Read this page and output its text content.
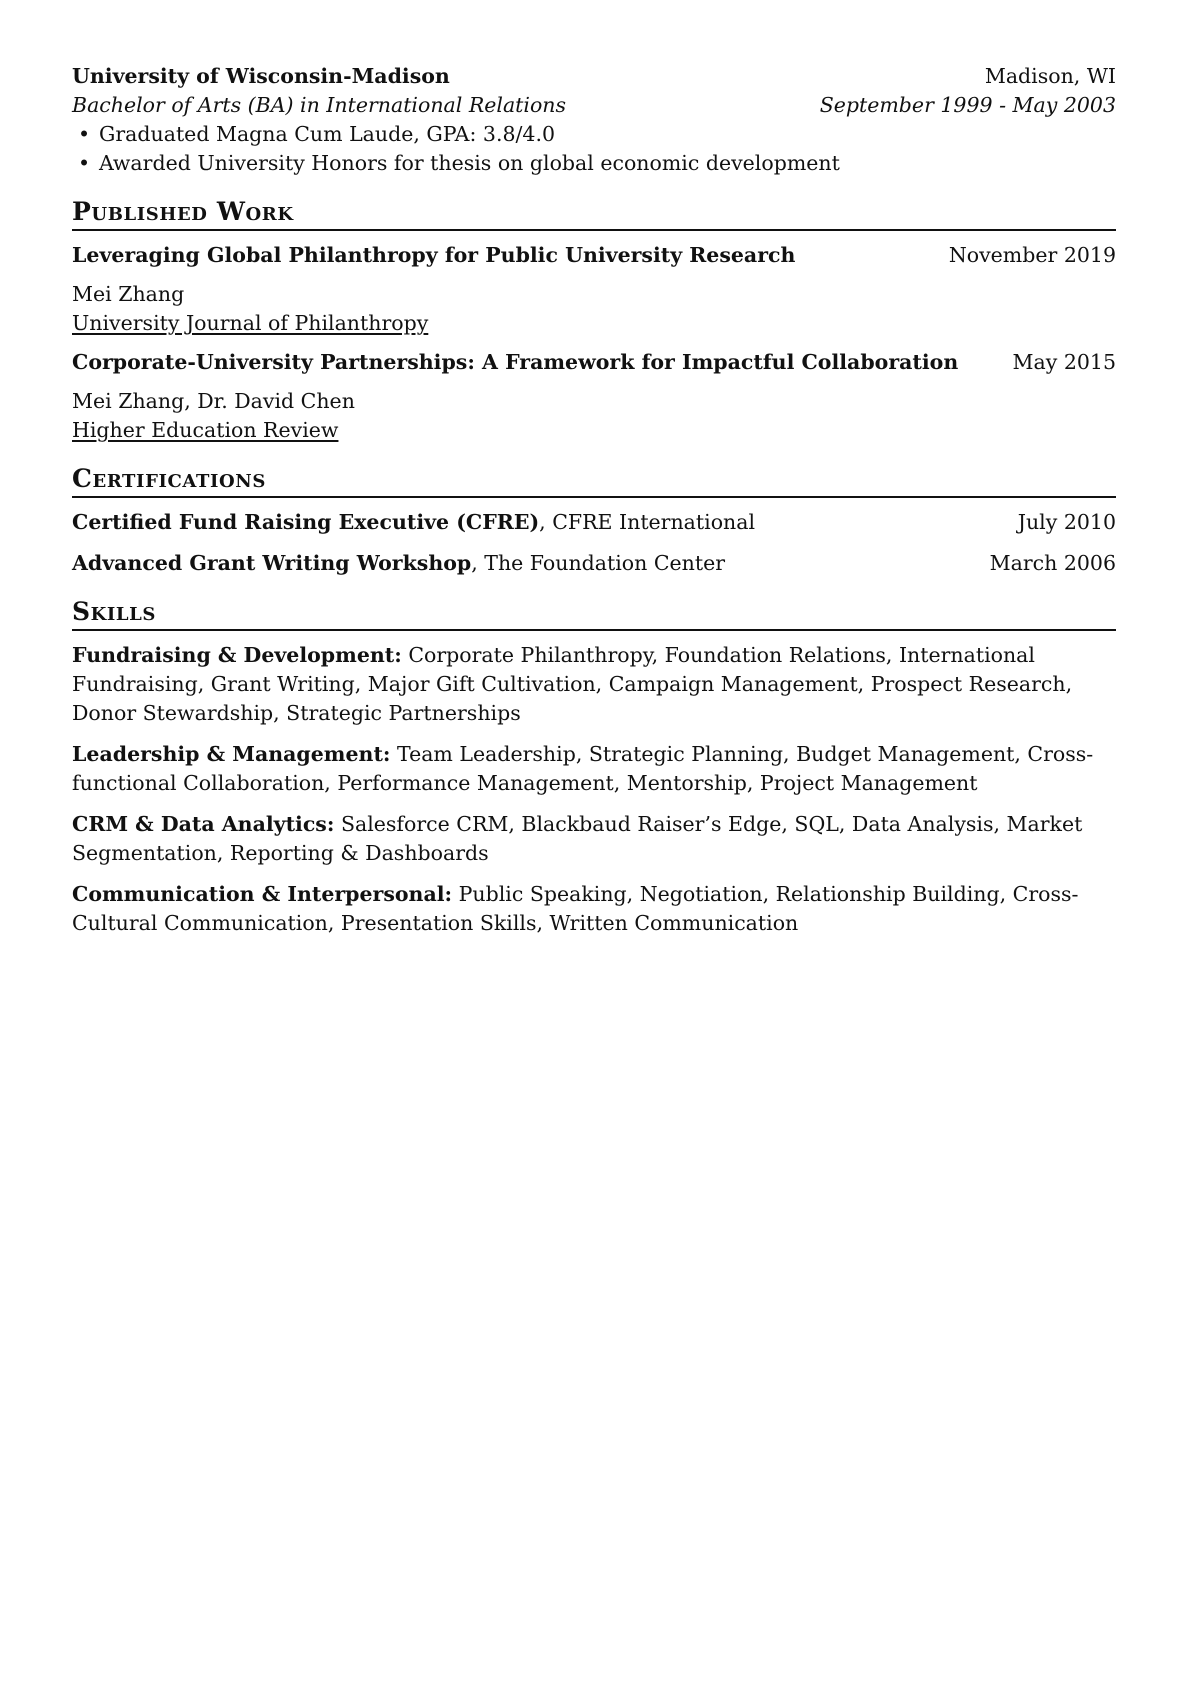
University of Wisconsin-Madison	Madison, WI
Bachelor of Arts (BA) in International Relations	September 1999 - May 2003
• Graduated Magna Cum Laude, GPA: 3.8/4.0
• Awarded University Honors for thesis on global economic development
Published Work
Leveraging Global Philanthropy for Public University Research	November 2019
Mei Zhang
University Journal of Philanthropy
Corporate-University Partnerships: A Framework for Impactful Collaboration	May 2015
Mei Zhang, Dr. David Chen
Higher Education Review
Certifications
Certified Fund Raising Executive (CFRE), CFRE International	July 2010
Advanced Grant Writing Workshop, The Foundation Center	March 2006
Skills
Fundraising & Development: Corporate Philanthropy, Foundation Relations, International Fundraising, Grant Writing, Major Gift Cultivation, Campaign Management, Prospect Research, Donor Stewardship, Strategic Partnerships
Leadership & Management: Team Leadership, Strategic Planning, Budget Management, Cross-functional Collaboration, Performance Management, Mentorship, Project Management
CRM & Data Analytics: Salesforce CRM, Blackbaud Raiser’s Edge, SQL, Data Analysis, Market Segmentation, Reporting & Dashboards
Communication & Interpersonal: Public Speaking, Negotiation, Relationship Building, Cross-Cultural Communication, Presentation Skills, Written Communication
